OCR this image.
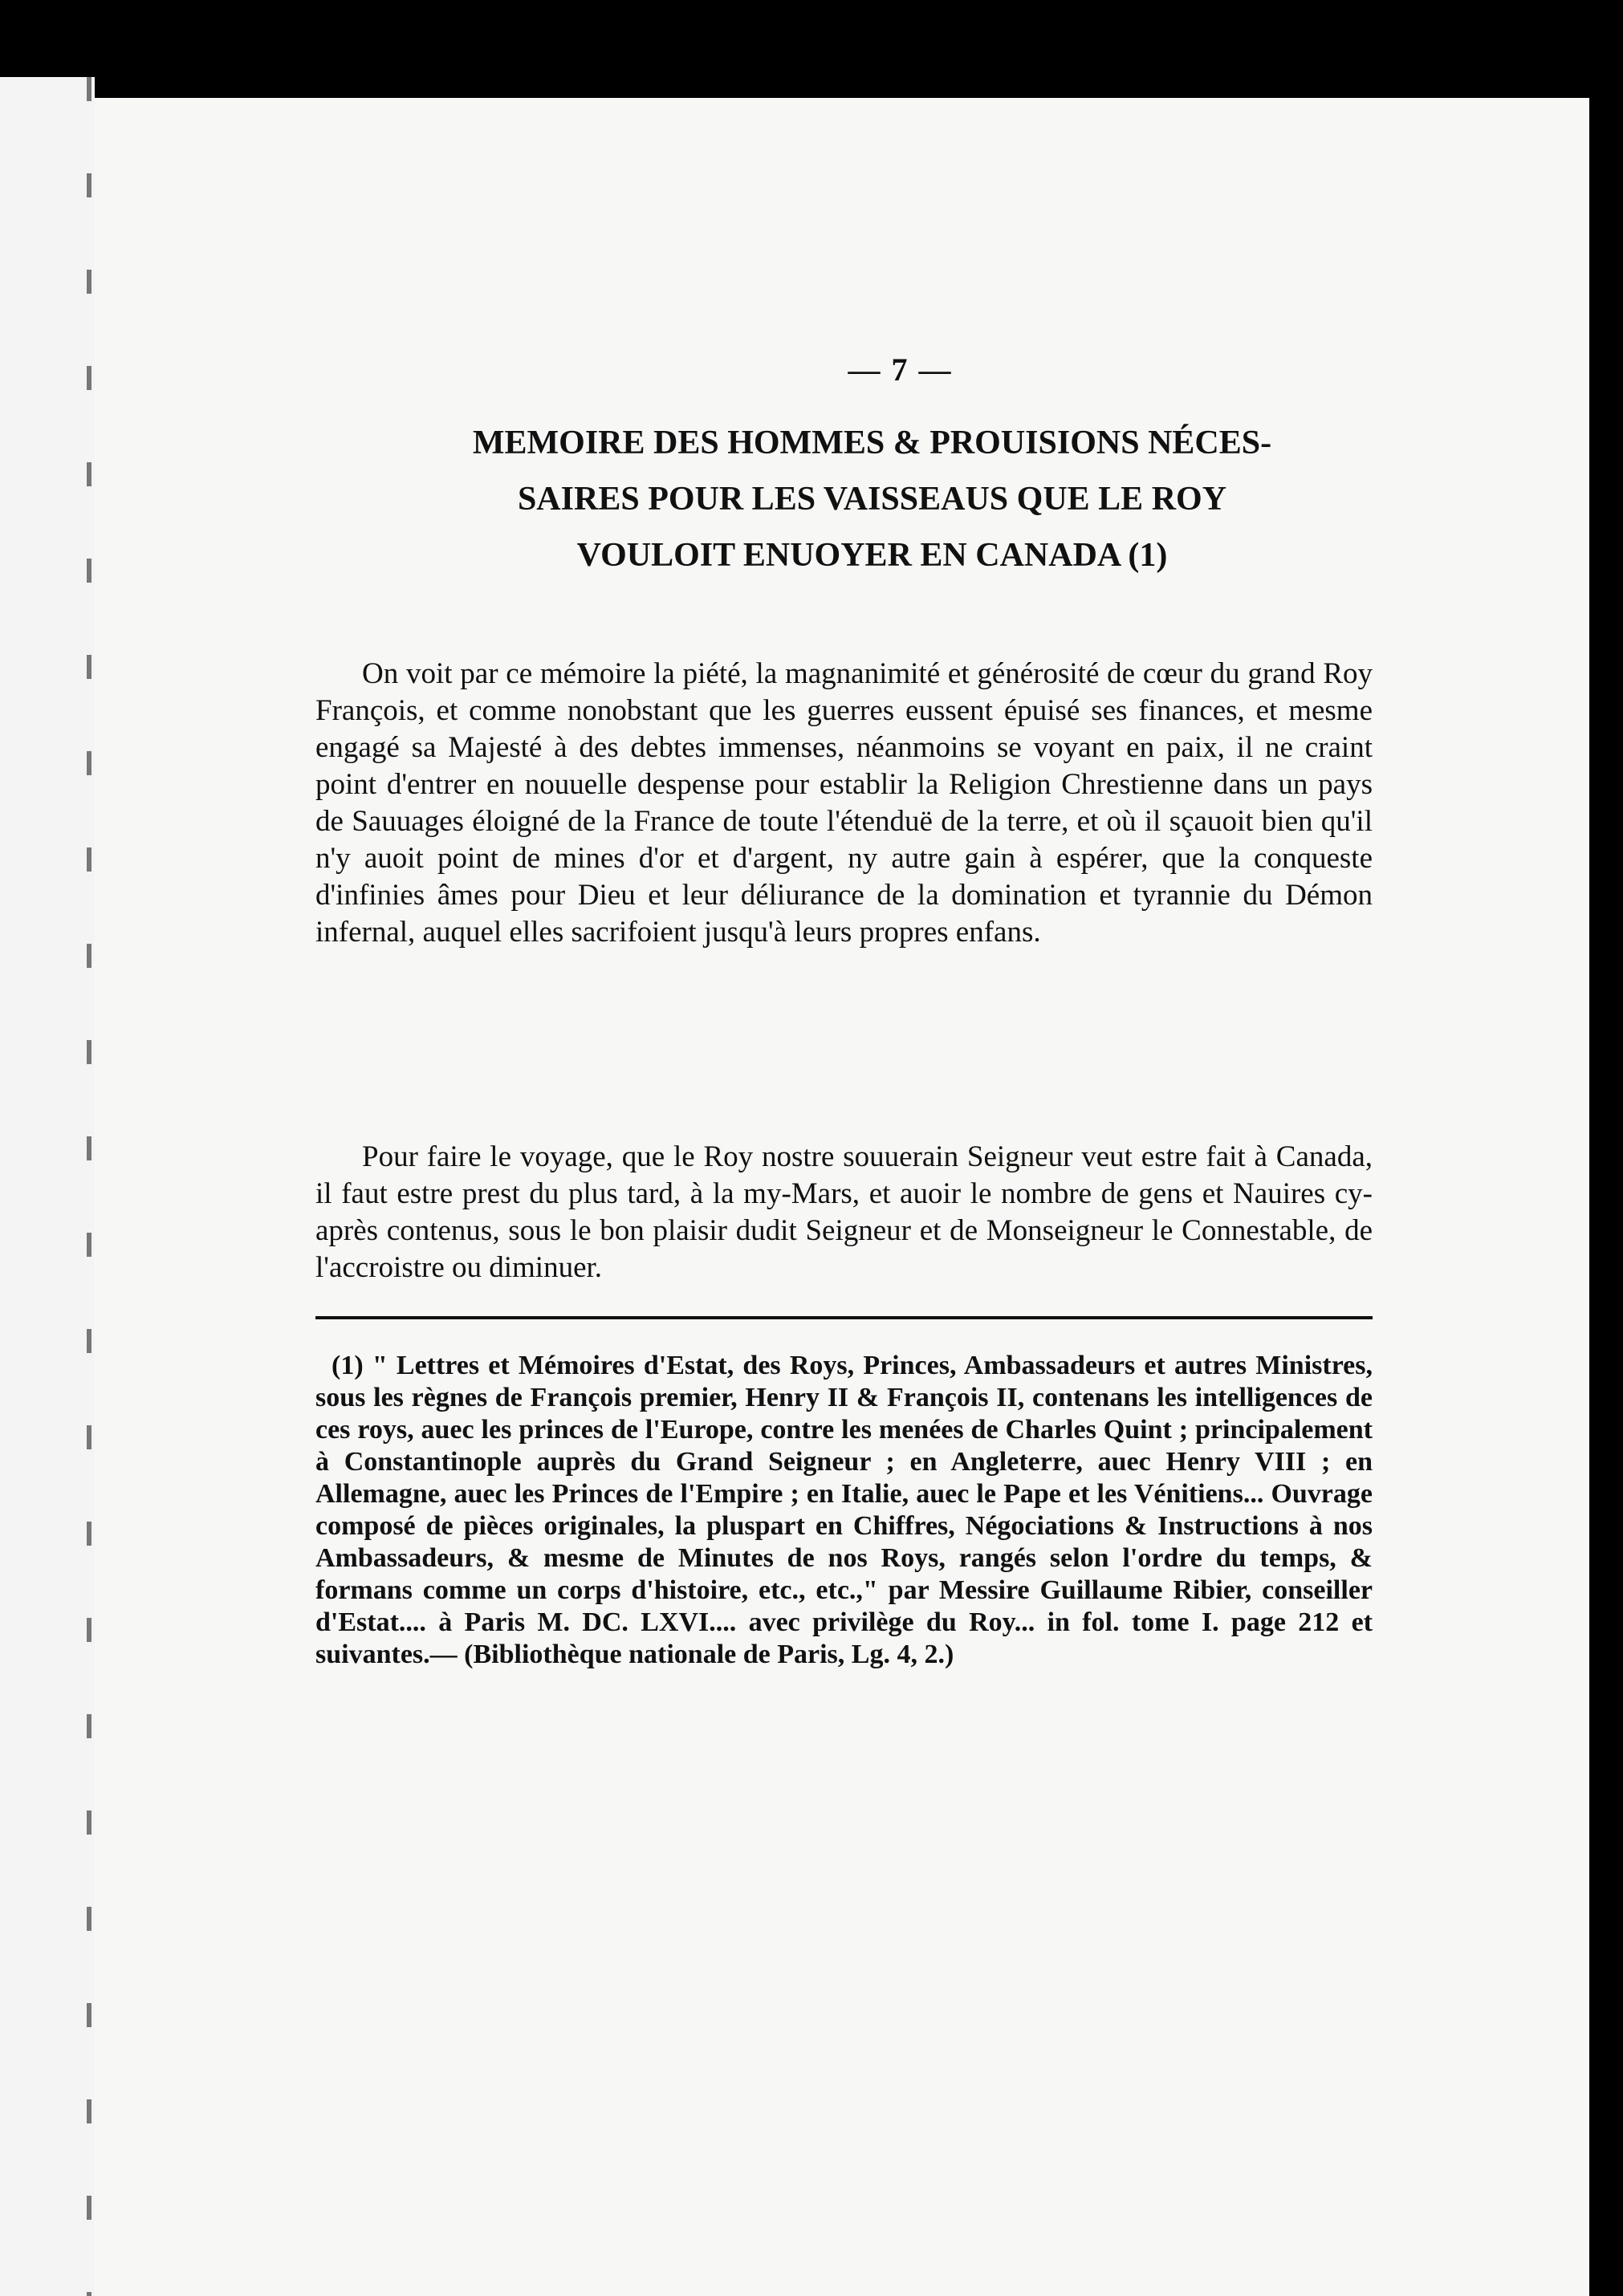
— 7 —
MEMOIRE DES HOMMES & PROUISIONS NÉCES-
SAIRES POUR LES VAISSEAUS QUE LE ROY
VOULOIT ENUOYER EN CANADA (1)

On voit par ce mémoire la piété, la magnanimité et générosité de cœur du grand Roy François, et comme nonobstant que les guerres eussent épuisé ses finances, et mesme engagé sa Majesté à des debtes immenses, néanmoins se voyant en paix, il ne craint point d'entrer en nouuelle despense pour establir la Religion Chrestienne dans un pays de Sauuages éloigné de la France de toute l'étenduë de la terre, et où il sçauoit bien qu'il n'y auoit point de mines d'or et d'argent, ny autre gain à espérer, que la conqueste d'infinies âmes pour Dieu et leur déliurance de la domination et tyrannie du Démon infernal, auquel elles sacrifoient jusqu'à leurs propres enfans.

Pour faire le voyage, que le Roy nostre souuerain Seigneur veut estre fait à Canada, il faut estre prest du plus tard, à la my-Mars, et auoir le nombre de gens et Nauires cy-après contenus, sous le bon plaisir dudit Seigneur et de Monseigneur le Connestable, de l'accroistre ou diminuer.

(1) " Lettres et Mémoires d'Estat, des Roys, Princes, Ambassadeurs et autres Ministres, sous les règnes de François premier, Henry II & François II, contenans les intelligences de ces roys, auec les princes de l'Europe, contre les menées de Charles Quint ; principalement à Constantinople auprès du Grand Seigneur ; en Angleterre, auec Henry VIII ; en Allemagne, auec les Princes de l'Empire ; en Italie, auec le Pape et les Vénitiens... Ouvrage composé de pièces originales, la pluspart en Chiffres, Négociations & Instructions à nos Ambassadeurs, & mesme de Minutes de nos Roys, rangés selon l'ordre du temps, & formans comme un corps d'histoire, etc., etc.," par Messire Guillaume Ribier, conseiller d'Estat.... à Paris M. DC. LXVI.... avec privilège du Roy... in fol. tome I. page 212 et suivantes.— (Bibliothèque nationale de Paris, Lg. 4, 2.)
